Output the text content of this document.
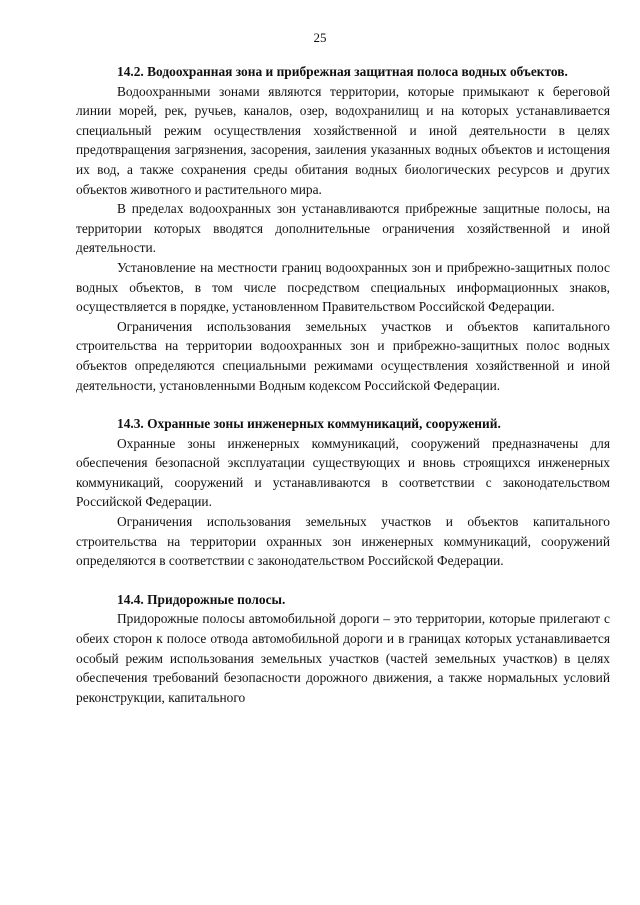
25

14.2. Водоохранная зона и прибрежная защитная полоса водных объектов.

Водоохранными зонами являются территории, которые примыкают к береговой линии морей, рек, ручьев, каналов, озер, водохранилищ и на которых устанавливается специальный режим осуществления хозяйственной и иной деятельности в целях предотвращения загрязнения, засорения, заиления указанных водных объектов и истощения их вод, а также сохранения среды обитания водных биологических ресурсов и других объектов животного и растительного мира.

В пределах водоохранных зон устанавливаются прибрежные защитные полосы, на территории которых вводятся дополнительные ограничения хозяйственной и иной деятельности.

Установление на местности границ водоохранных зон и прибрежно-защитных полос водных объектов, в том числе посредством специальных информационных знаков, осуществляется в порядке, установленном Правительством Российской Федерации.

Ограничения использования земельных участков и объектов капитального строительства на территории водоохранных зон и прибрежно-защитных полос водных объектов определяются специальными режимами осуществления хозяйственной и иной деятельности, установленными Водным кодексом Российской Федерации.

14.3. Охранные зоны инженерных коммуникаций, сооружений.

Охранные зоны инженерных коммуникаций, сооружений предназначены для обеспечения безопасной эксплуатации существующих и вновь строящихся инженерных коммуникаций, сооружений и устанавливаются в соответствии с законодательством Российской Федерации.

Ограничения использования земельных участков и объектов капитального строительства на территории охранных зон инженерных коммуникаций, сооружений определяются в соответствии с законодательством Российской Федерации.

14.4. Придорожные полосы.

Придорожные полосы автомобильной дороги – это территории, которые прилегают с обеих сторон к полосе отвода автомобильной дороги и в границах которых устанавливается особый режим использования земельных участков (частей земельных участков) в целях обеспечения требований безопасности дорожного движения, а также нормальных условий реконструкции, капитального
